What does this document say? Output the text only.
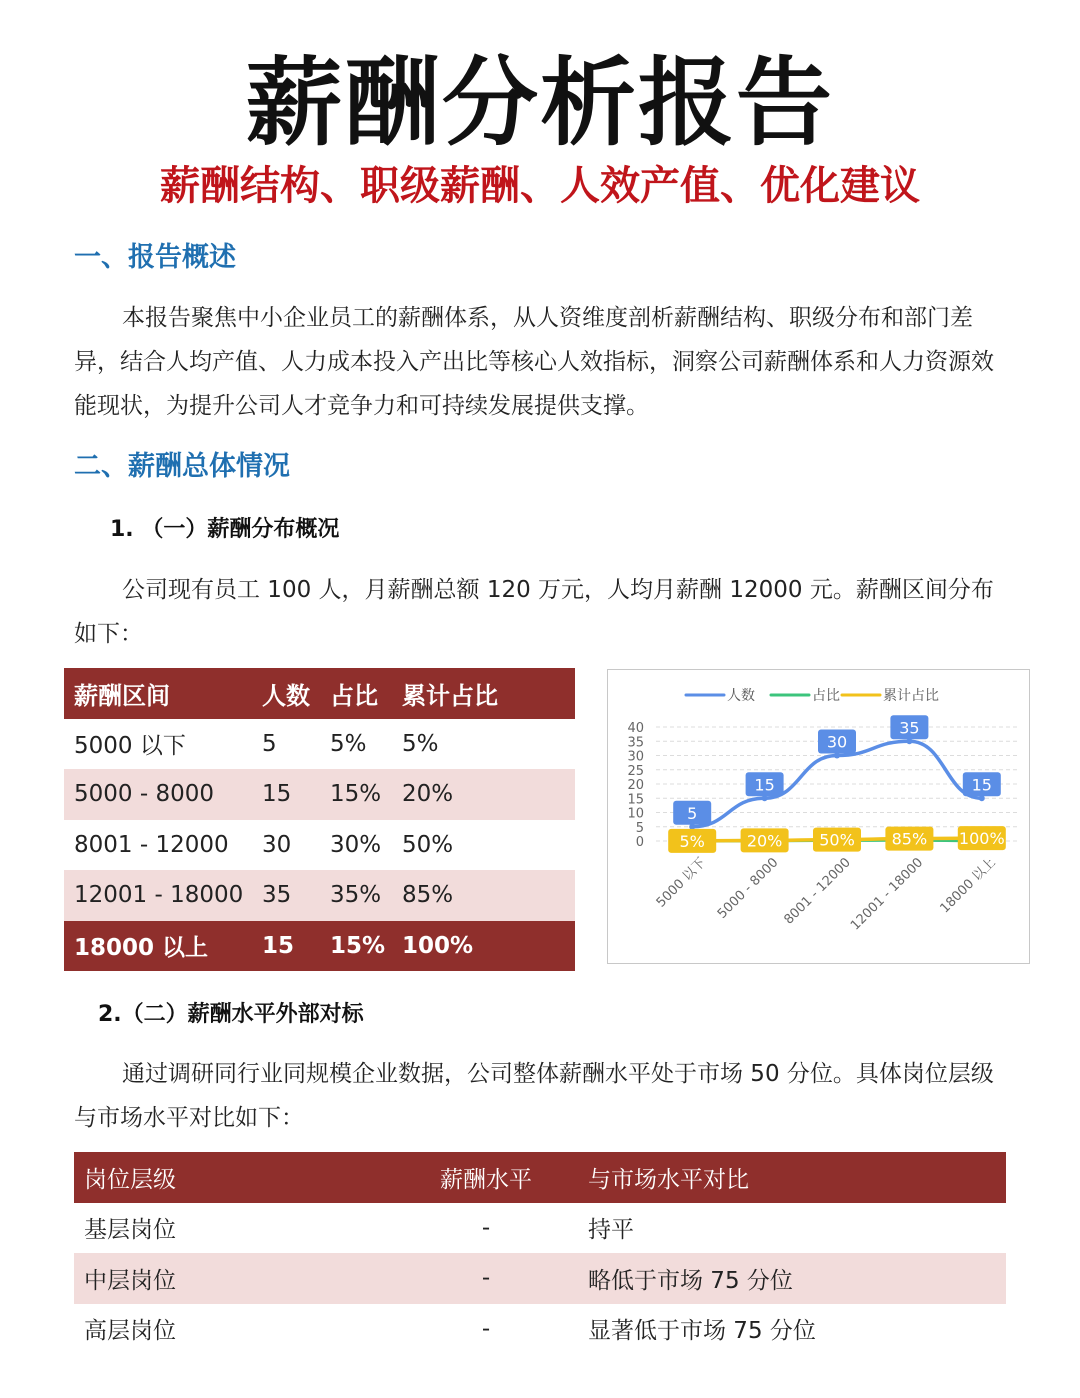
薪酬分析报告
薪酬结构、职级薪酬、人效产值、优化建议
一、报告概述

本报告聚焦中小企业员工的薪酬体系，从人资维度剖析薪酬结构、职级分布和部门差异，结合人均产值、人力成本投入产出比等核心人效指标，洞察公司薪酬体系和人力资源效能现状，为提升公司人才竞争力和可持续发展提供支撑。

二、薪酬总体情况
1. （一）薪酬分布概况

公司现有员工 100 人，月薪酬总额 120 万元，人均月薪酬 12000 元。薪酬区间分布如下：

薪酬区间	人数	占比	累计占比
5000 以下	5	5%	5%
5000 - 8000	15	15%	20%
8001 - 12000	30	30%	50%
12001 - 18000	35	35%	85%
18000 以上	15	15%	100%
人数	占比	累计占比
0
5
10
15
20
25
30
35
40
5000 以下 5000 - 8000 8001 - 12000
12001 - 18000 18000 以上
5
15
30
35
15
5%	20% 50% 85% 100%
2.（二）薪酬水平外部对标

通过调研同行业同规模企业数据，公司整体薪酬水平处于市场 50 分位。具体岗位层级与市场水平对比如下：

岗位层级	薪酬水平	与市场水平对比
基层岗位	-	持平
中层岗位	-	略低于市场 75 分位
高层岗位	-	显著低于市场 75 分位
